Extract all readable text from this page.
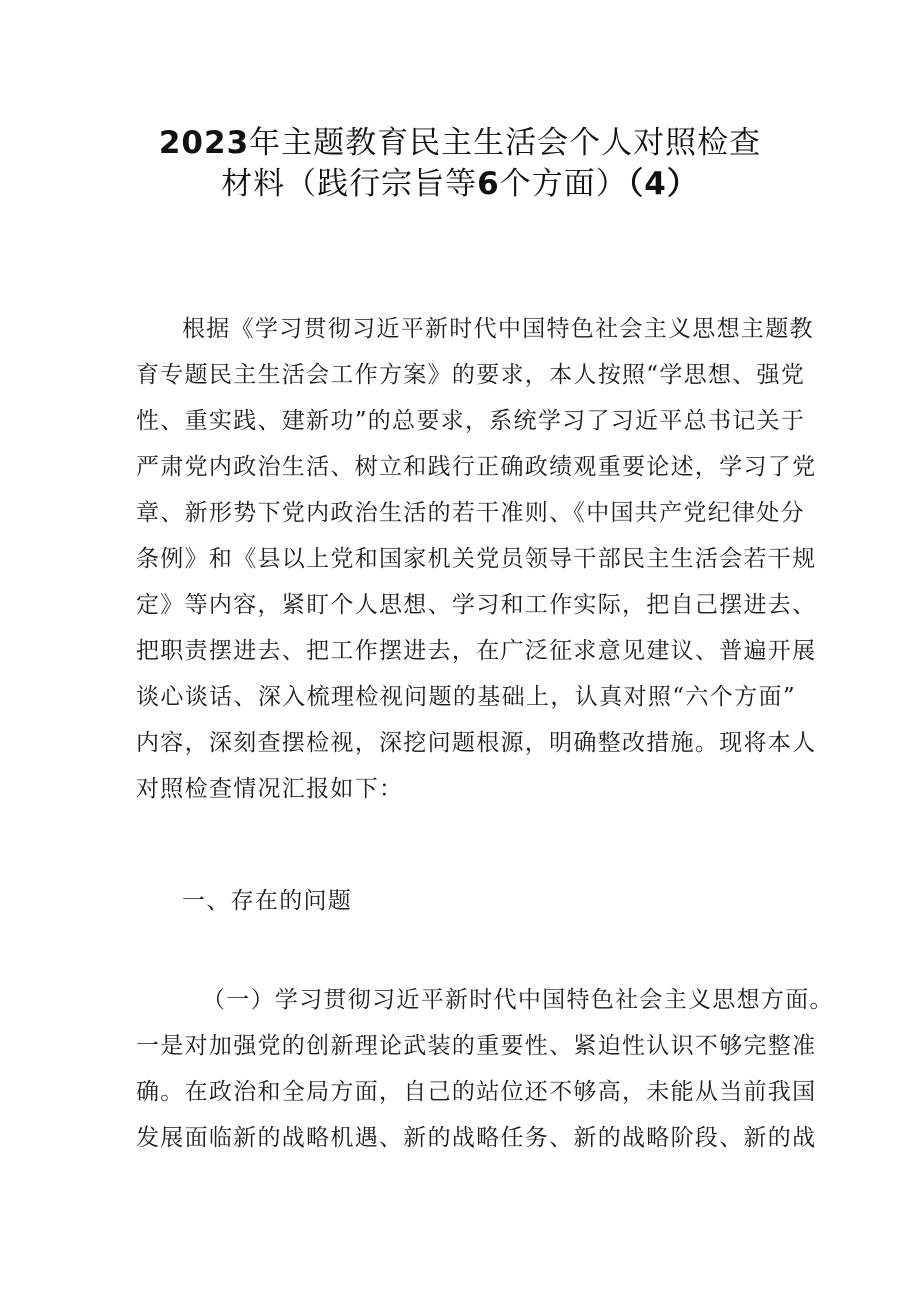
2023年主题教育民主生活会个人对照检查
材料（践行宗旨等6个方面）（4）
根据《学习贯彻习近平新时代中国特色社会主义思想主题教
育专题民主生活会工作方案》的要求，本人按照“学思想、强党
性、重实践、建新功”的总要求，系统学习了习近平总书记关于
严肃党内政治生活、树立和践行正确政绩观重要论述，学习了党
章、新形势下党内政治生活的若干准则、《中国共产党纪律处分
条例》和《县以上党和国家机关党员领导干部民主生活会若干规
定》等内容，紧盯个人思想、学习和工作实际，把自己摆进去、
把职责摆进去、把工作摆进去，在广泛征求意见建议、普遍开展
谈心谈话、深入梳理检视问题的基础上，认真对照“六个方面”
内容，深刻查摆检视，深挖问题根源，明确整改措施。现将本人
对照检查情况汇报如下：
一、存在的问题
（一）学习贯彻习近平新时代中国特色社会主义思想方面。
一是对加强党的创新理论武装的重要性、紧迫性认识不够完整准
确。在政治和全局方面，自己的站位还不够高，未能从当前我国
发展面临新的战略机遇、新的战略任务、新的战略阶段、新的战
